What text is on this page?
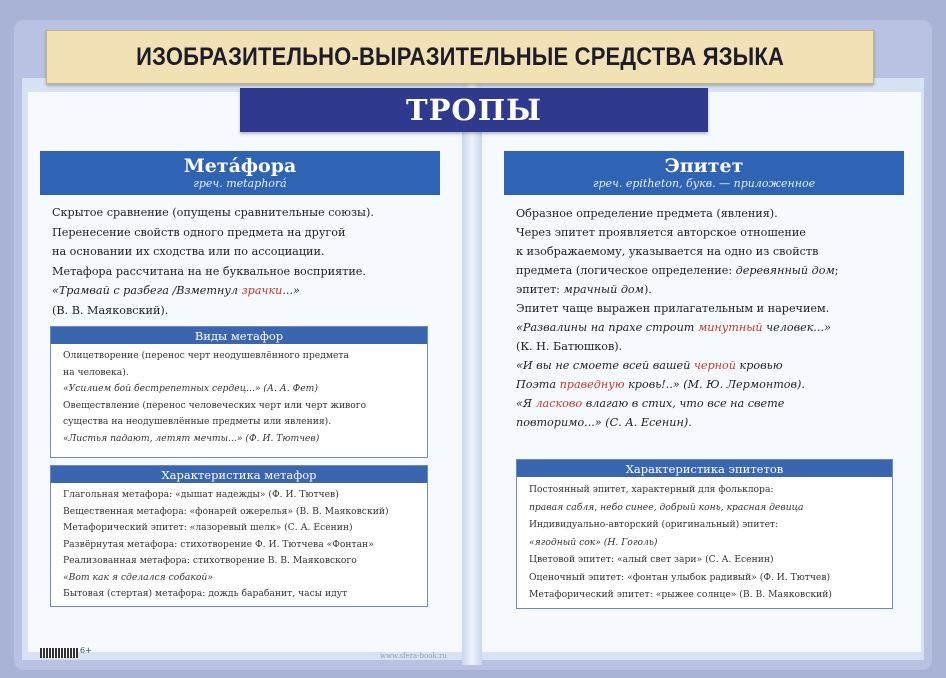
ИЗОБРАЗИТЕЛЬНО-ВЫРАЗИТЕЛЬНЫЕ СРЕДСТВА ЯЗЫКА
ТРОПЫ
Мета́фора
греч. metaphorá
Скрытое сравнение (опущены сравнительные союзы).
Перенесение свойств одного предмета на другой
на основании их сходства или по ассоциации.
Метафора рассчитана на не буквальное восприятие.
«Трамвай с разбега /Взметнул зрачки...»
(В. В. Маяковский).
Виды метафор
Олицетворение (перенос черт неодушевлённого предмета
на человека).
«Усилием бой бестрепетных сердец...» (А. А. Фет)
Овеществление (перенос человеческих черт или черт живого
существа на неодушевлённые предметы или явления).
«Листья падают, летят мечты...» (Ф. И. Тютчев)
Характеристика метафор
Глагольная метафора: «дышат надежды» (Ф. И. Тютчев)
Вещественная метафора: «фонарей ожерелья» (В. В. Маяковский)
Метафорический эпитет: «лазоревый шелк» (С. А. Есенин)
Развёрнутая метафора: стихотворение Ф. И. Тютчева «Фонтан»
Реализованная метафора: стихотворение В. В. Маяковского
«Вот как я сделался собакой»
Бытовая (стертая) метафора: дождь барабанит, часы идут
Эпитет
греч. epitheton, букв. — приложенное
Образное определение предмета (явления).
Через эпитет проявляется авторское отношение
к изображаемому, указывается на одно из свойств
предмета (логическое определение: деревянный дом;
эпитет: мрачный дом).
Эпитет чаще выражен прилагательным и наречием.
«Развалины на прахе строит минутный человек...»
(К. Н. Батюшков).
«И вы не смоете всей вашей черной кровью
Поэта праведную кровь!..» (М. Ю. Лермонтов).
«Я ласково влагаю в стих, что все на свете
повторимо...» (С. А. Есенин).
Характеристика эпитетов
Постоянный эпитет, характерный для фольклора:
правая сабля, небо синее, добрый конь, красная девица
Индивидуально-авторский (оригинальный) эпитет:
«ягодный сок» (Н. Гоголь)
Цветовой эпитет: «алый свет зари» (С. А. Есенин)
Оценочный эпитет: «фонтан улыбок радивый» (Ф. И. Тютчев)
Метафорический эпитет: «рыжее солнце» (В. В. Маяковский)
6+
www.sfera-book.ru
